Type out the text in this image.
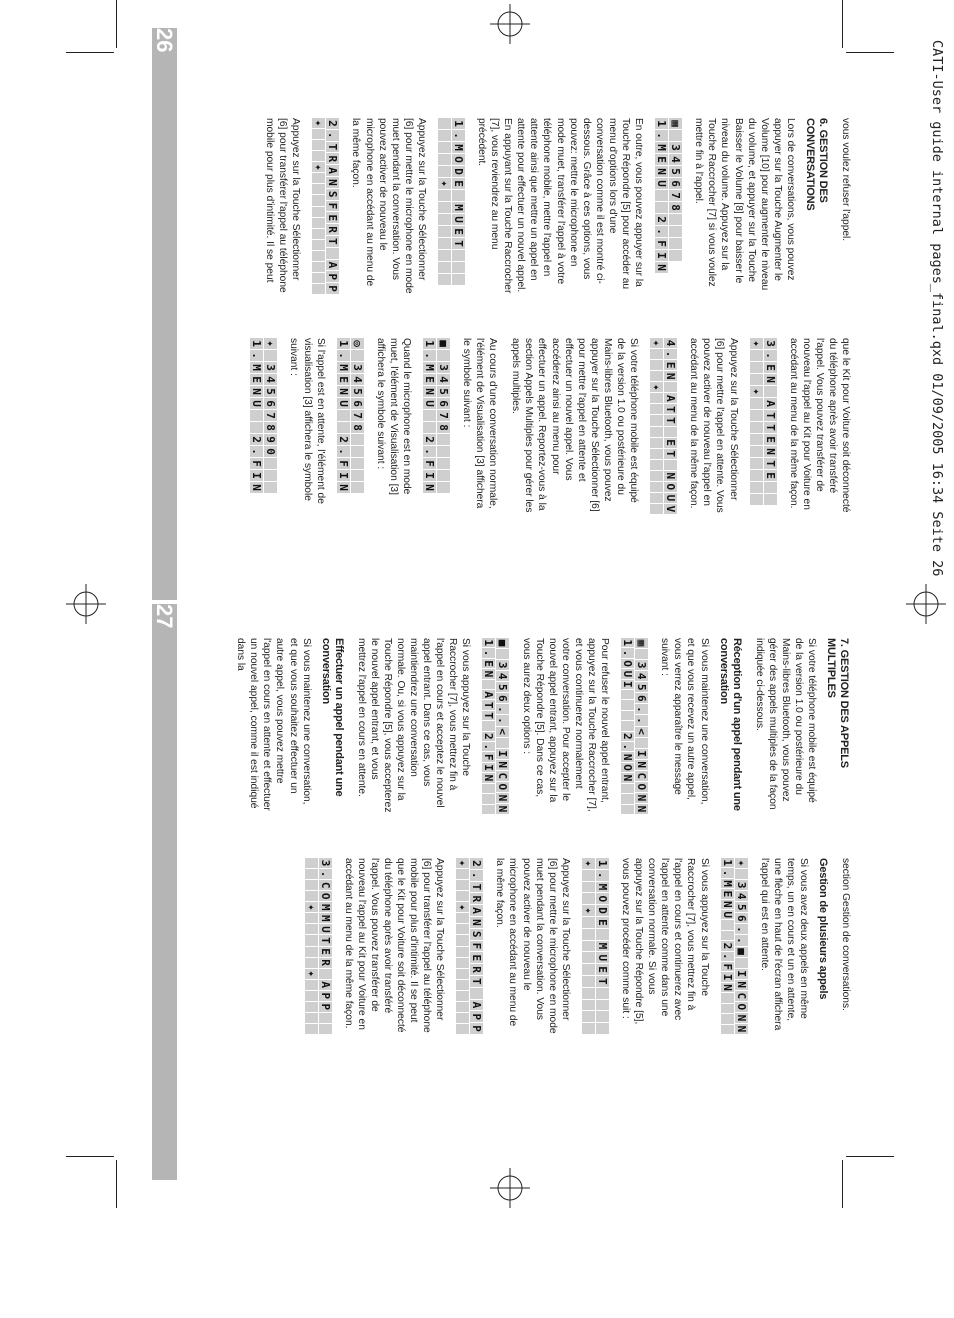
CATI-User guide internal pages_final.qxd 01/09/2005 16:34 Seite 26
26
27

vous voulez refuser l'appel.

6. GESTION DES CONVERSATIONS

Lors de conversations, vous pouvez appuyer sur la Touche Augmenter le Volume [10] pour augmenter le niveau du volume, et appuyer sur la Touche Baisser le Volume [8] pour baisser le niveau du volume. Appuyez sur la Touche Raccrocher [7] si vous voulez mettre fin à l'appel.

▦
3
4
5
6
7
8
1
.
M
E
N
U
2
.
F
I
N

En outre, vous pouvez appuyer sur la Touche Répondre [5] pour accéder au menu d'options lors d'une conversation comme il est montré ci-dessous. Grâce à ces options, vous pouvez: mettre le microphone en mode muet, transférer l'appel à votre téléphone mobile, mettre l'appel en attente ainsi que mettre un appel en attente pour effectuer un nouvel appel. En appuyant sur la Touche Raccrocher [7], vous reviendrez au menu précédent.

1
.
M
O
D
E
M
U
E
T
✦

Appuyez sur la Touche Sélectionner [6] pour mettre le microphone en mode muet pendant la conversation. Vous pouvez activer de nouveau le microphone en accédant au menu de la même façon.

2
.
T
R
A
N
S
F
E
R
T
A
P
P
✦
✦

Appuyez sur la Touche Sélectionner [6] pour transférer l'appel au téléphone mobile pour plus d'intimité. Il se peut

que le Kit pour Voiture soit déconnecté du téléphone après avoir transféré l'appel. Vous pouvez transférer de nouveau l'appel au Kit pour Voiture en accédant au menu de la même façon.

3
.
E
N
A
T
T
E
N
T
E
✦
✦

Appuyez sur la Touche Sélectionner [6] pour mettre l'appel en attente. Vous pouvez activer de nouveau l'appel en accédant au menu de la même façon.

4
.
E
N
A
T
T
E
T
N
O
U
V
✦
✦

Si votre téléphone mobile est équipé de la version 1.0 ou postérieure du Mains-libres Bluetooth, vous pouvez appuyer sur la Touche Sélectionner [6] pour mettre l'appel en attente et effectuer un nouvel appel. Vous accéderez ainsi au menu pour effectuer un appel. Reportez-vous à la section Appels Multiples pour gérer les appels multiples.

Au cours d'une conversation normale, l'élément de Visualisation [3] affichera le symbole suivant :

■
3
4
5
6
7
8
1
.
M
E
N
U
2
.
F
I
N

Quand le microphone est en mode muet, l'élément de Visualisation [3] affichera le symbole suivant :

◎
3
4
5
6
7
8
1
.
M
E
N
U
2
.
F
I
N

Si l'appel est en attente, l'élément de visualisation [3] affichera le symbole suivant :

✦
3
4
5
6
7
8
9
0
1
.
M
E
N
U
2
.
F
I
N
7. GESTION DES APPELS MULTIPLES

Si votre téléphone mobile est équipé de la version 1.0 ou postérieure du Mains-libres Bluetooth, vous pouvez gérer des appels multiples de la façon indiquée ci-dessous.

Réception d'un appel pendant une conversation

Si vous maintenez une conversation, et que vous recevez un autre appel, vous verrez apparaître le message suivant :

▦
3
4
5
6
.
.
<
I
N
C
O
N
N
1
.
O
U
I
2
.
N
O
N

Pour refuser le nouvel appel entrant, appuyez sur la Touche Raccrocher [7], et vous continuerez normalement votre conversation. Pour accepter le nouvel appel entrant, appuyez sur la Touche Répondre [5]. Dans ce cas, vous aurez deux options :

■
3
4
5
6
.
.
<
I
N
C
O
N
N
1
.
E
N
A
T
T
2
.
F
I
N

Si vous appuyez sur la Touche Raccrocher [7], vous mettrez fin à l'appel en cours et acceptez le nouvel appel entrant. Dans ce cas, vous maintiendrez une conversation normale. Ou, si vous appuyez sur la Touche Répondre [5], vous accepterez le nouvel appel entrant, et vous mettrez l'appel en cours en attente.

Effectuer un appel pendant une conversation

Si vous maintenez une conversation, et que vous souhaitez effectuer un autre appel, vous pouvez mettre l'appel en cours en attente et effectuer un nouvel appel, comme il est indiqué dans la

section Gestion de conversations.

Gestion de plusieurs appels

Si vous avez deux appels en même temps, un en cours et un en attente, une flèche en haut de l'écran affichera l'appel qui est en attente.

✦
3
4
5
6
.
.
■
I
N
C
O
N
N
1
.
M
E
N
U
2
.
F
I
N

Si vous appuyez sur la Touche Raccrocher [7], vous mettrez fin à l'appel en cours et continuerez avec l'appel en attente comme dans une conversation normale. Si vous appuyez sur la Touche Répondre [5], vous pouvez procéder comme suit :

1
.
M
O
D
E
M
U
E
T
✦
✦

Appuyez sur la Touche Sélectionner [6] pour mettre le microphone en mode muet pendant la conversation. Vous pouvez activer de nouveau le microphone en accédant au menu de la même façon.

2
.
T
R
A
N
S
F
E
R
T
A
P
P
✦
✦

Appuyez sur la Touche Sélectionner [6] pour transférer l'appel au téléphone mobile pour plus d'intimité. Il se peut que le Kit pour Voiture soit déconnecté du téléphone après avoir transféré l'appel. Vous pouvez transférer de nouveau l'appel au Kit pour Voiture en accédant au menu de la même façon.

3
.
C
O
M
M
U
T
E
R
A
P
P
✦
✦
